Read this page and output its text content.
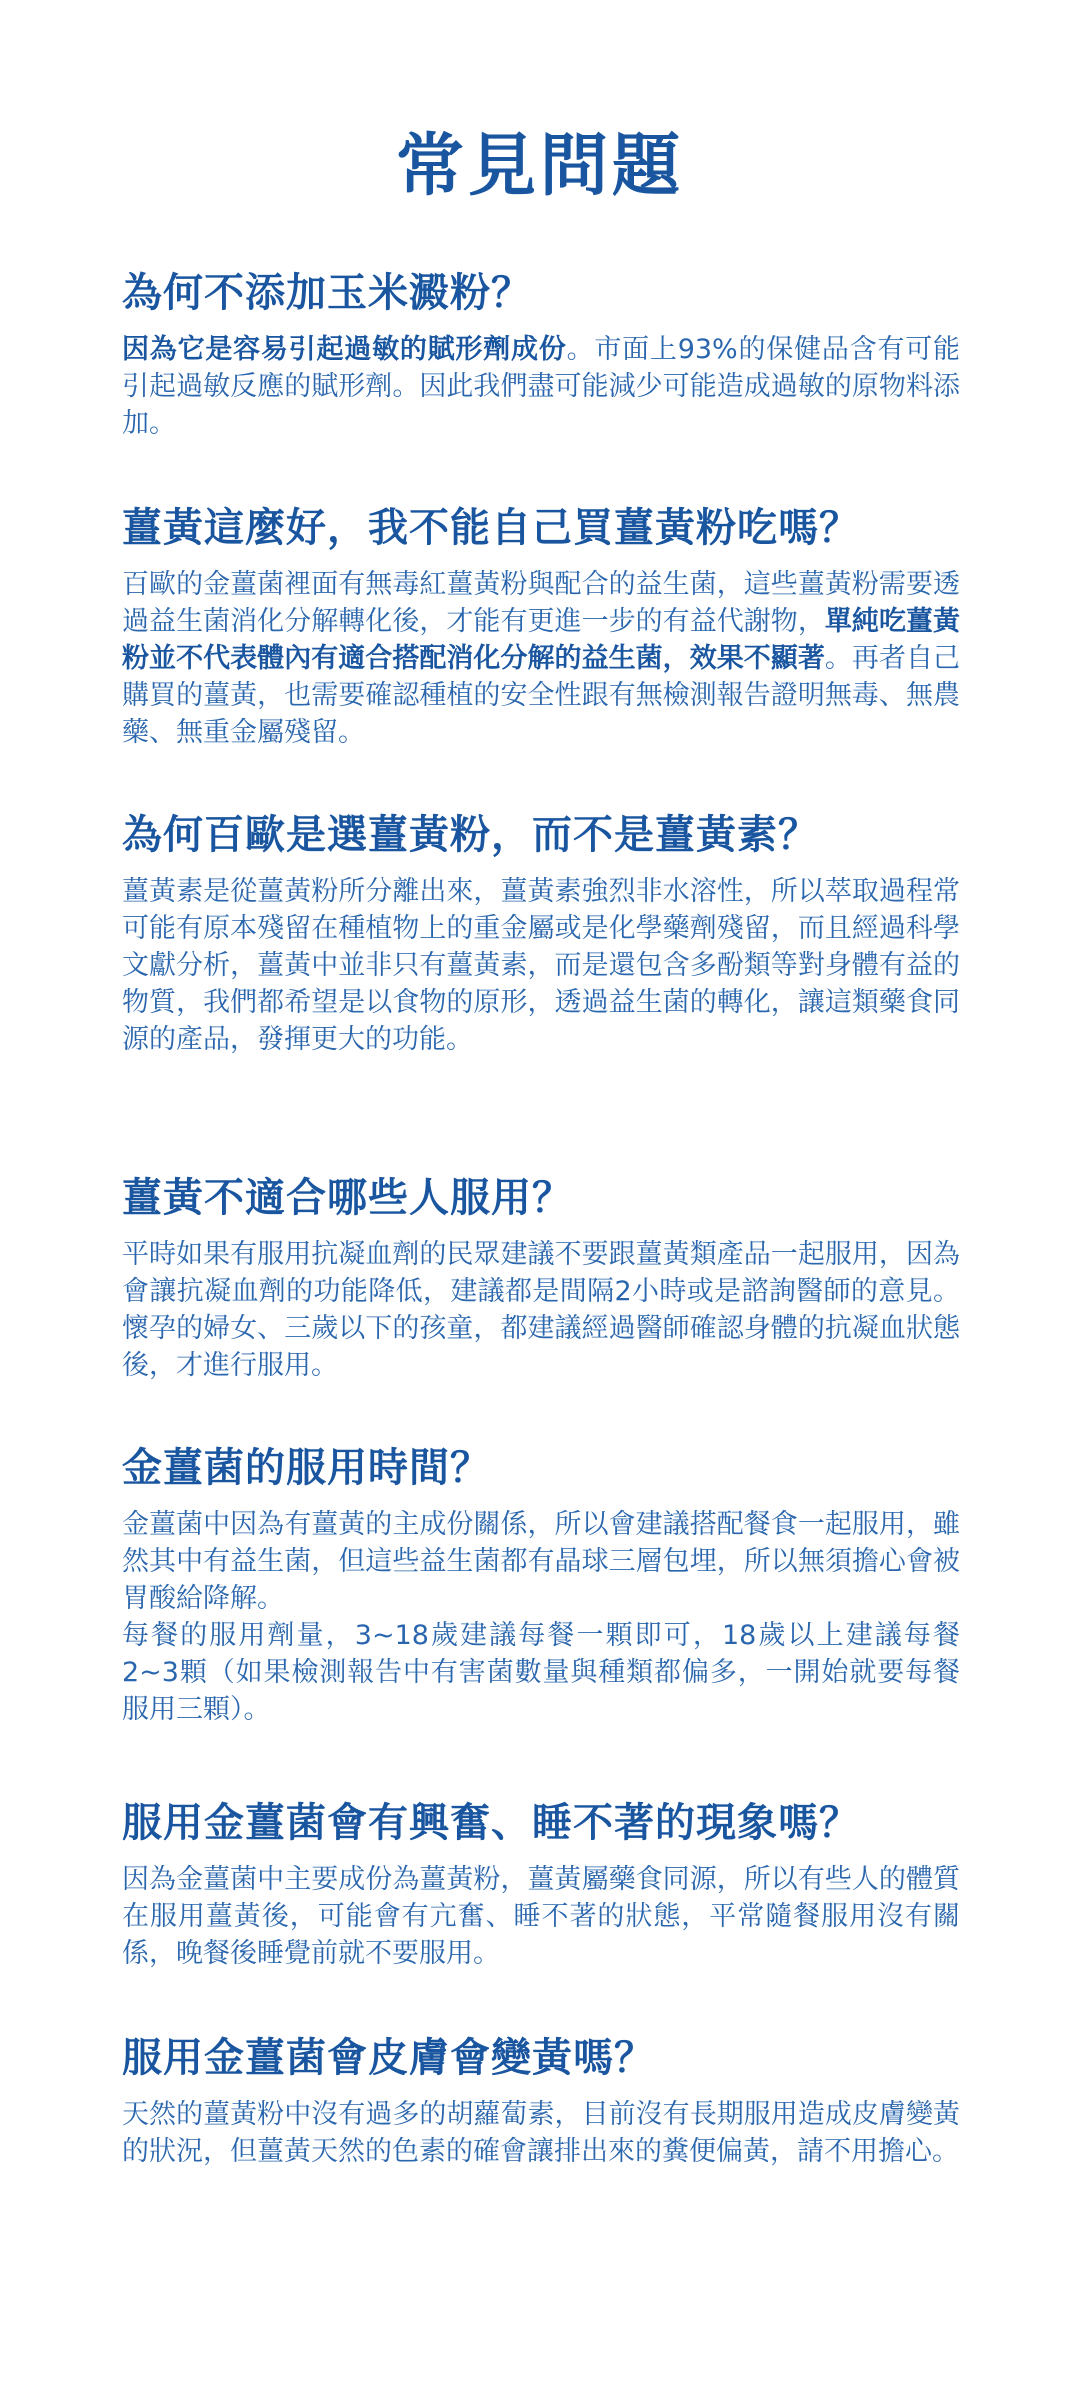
常見問題
為何不添加玉米澱粉？

因為它是容易引起過敏的賦形劑成份。市面上93%的保健品含有可能引起過敏反應的賦形劑。因此我們盡可能減少可能造成過敏的原物料添加。

薑黃這麼好，我不能自己買薑黃粉吃嗎？

百歐的金薑菌裡面有無毒紅薑黃粉與配合的益生菌，這些薑黃粉需要透過益生菌消化分解轉化後，才能有更進一步的有益代謝物，單純吃薑黃粉並不代表體內有適合搭配消化分解的益生菌，效果不顯著。再者自己購買的薑黃，也需要確認種植的安全性跟有無檢測報告證明無毒、無農藥、無重金屬殘留。

為何百歐是選薑黃粉，而不是薑黃素？

薑黃素是從薑黃粉所分離出來，薑黃素強烈非水溶性，所以萃取過程常可能有原本殘留在種植物上的重金屬或是化學藥劑殘留，而且經過科學文獻分析，薑黃中並非只有薑黃素，而是還包含多酚類等對身體有益的物質，我們都希望是以食物的原形，透過益生菌的轉化，讓這類藥食同源的產品，發揮更大的功能。

薑黃不適合哪些人服用？

平時如果有服用抗凝血劑的民眾建議不要跟薑黃類產品一起服用，因為會讓抗凝血劑的功能降低，建議都是間隔2小時或是諮詢醫師的意見。懷孕的婦女、三歲以下的孩童，都建議經過醫師確認身體的抗凝血狀態後，才進行服用。

金薑菌的服用時間？

金薑菌中因為有薑黃的主成份關係，所以會建議搭配餐食一起服用，雖然其中有益生菌，但這些益生菌都有晶球三層包埋，所以無須擔心會被胃酸給降解。

每餐的服用劑量，3~18歲建議每餐一顆即可，18歲以上建議每餐2~3顆（如果檢測報告中有害菌數量與種類都偏多，一開始就要每餐服用三顆）。

服用金薑菌會有興奮、睡不著的現象嗎？

因為金薑菌中主要成份為薑黃粉，薑黃屬藥食同源，所以有些人的體質在服用薑黃後，可能會有亢奮、睡不著的狀態，平常隨餐服用沒有關係，晚餐後睡覺前就不要服用。

服用金薑菌會皮膚會變黃嗎？

天然的薑黃粉中沒有過多的胡蘿蔔素，目前沒有長期服用造成皮膚變黃的狀況，但薑黃天然的色素的確會讓排出來的糞便偏黃，請不用擔心。
